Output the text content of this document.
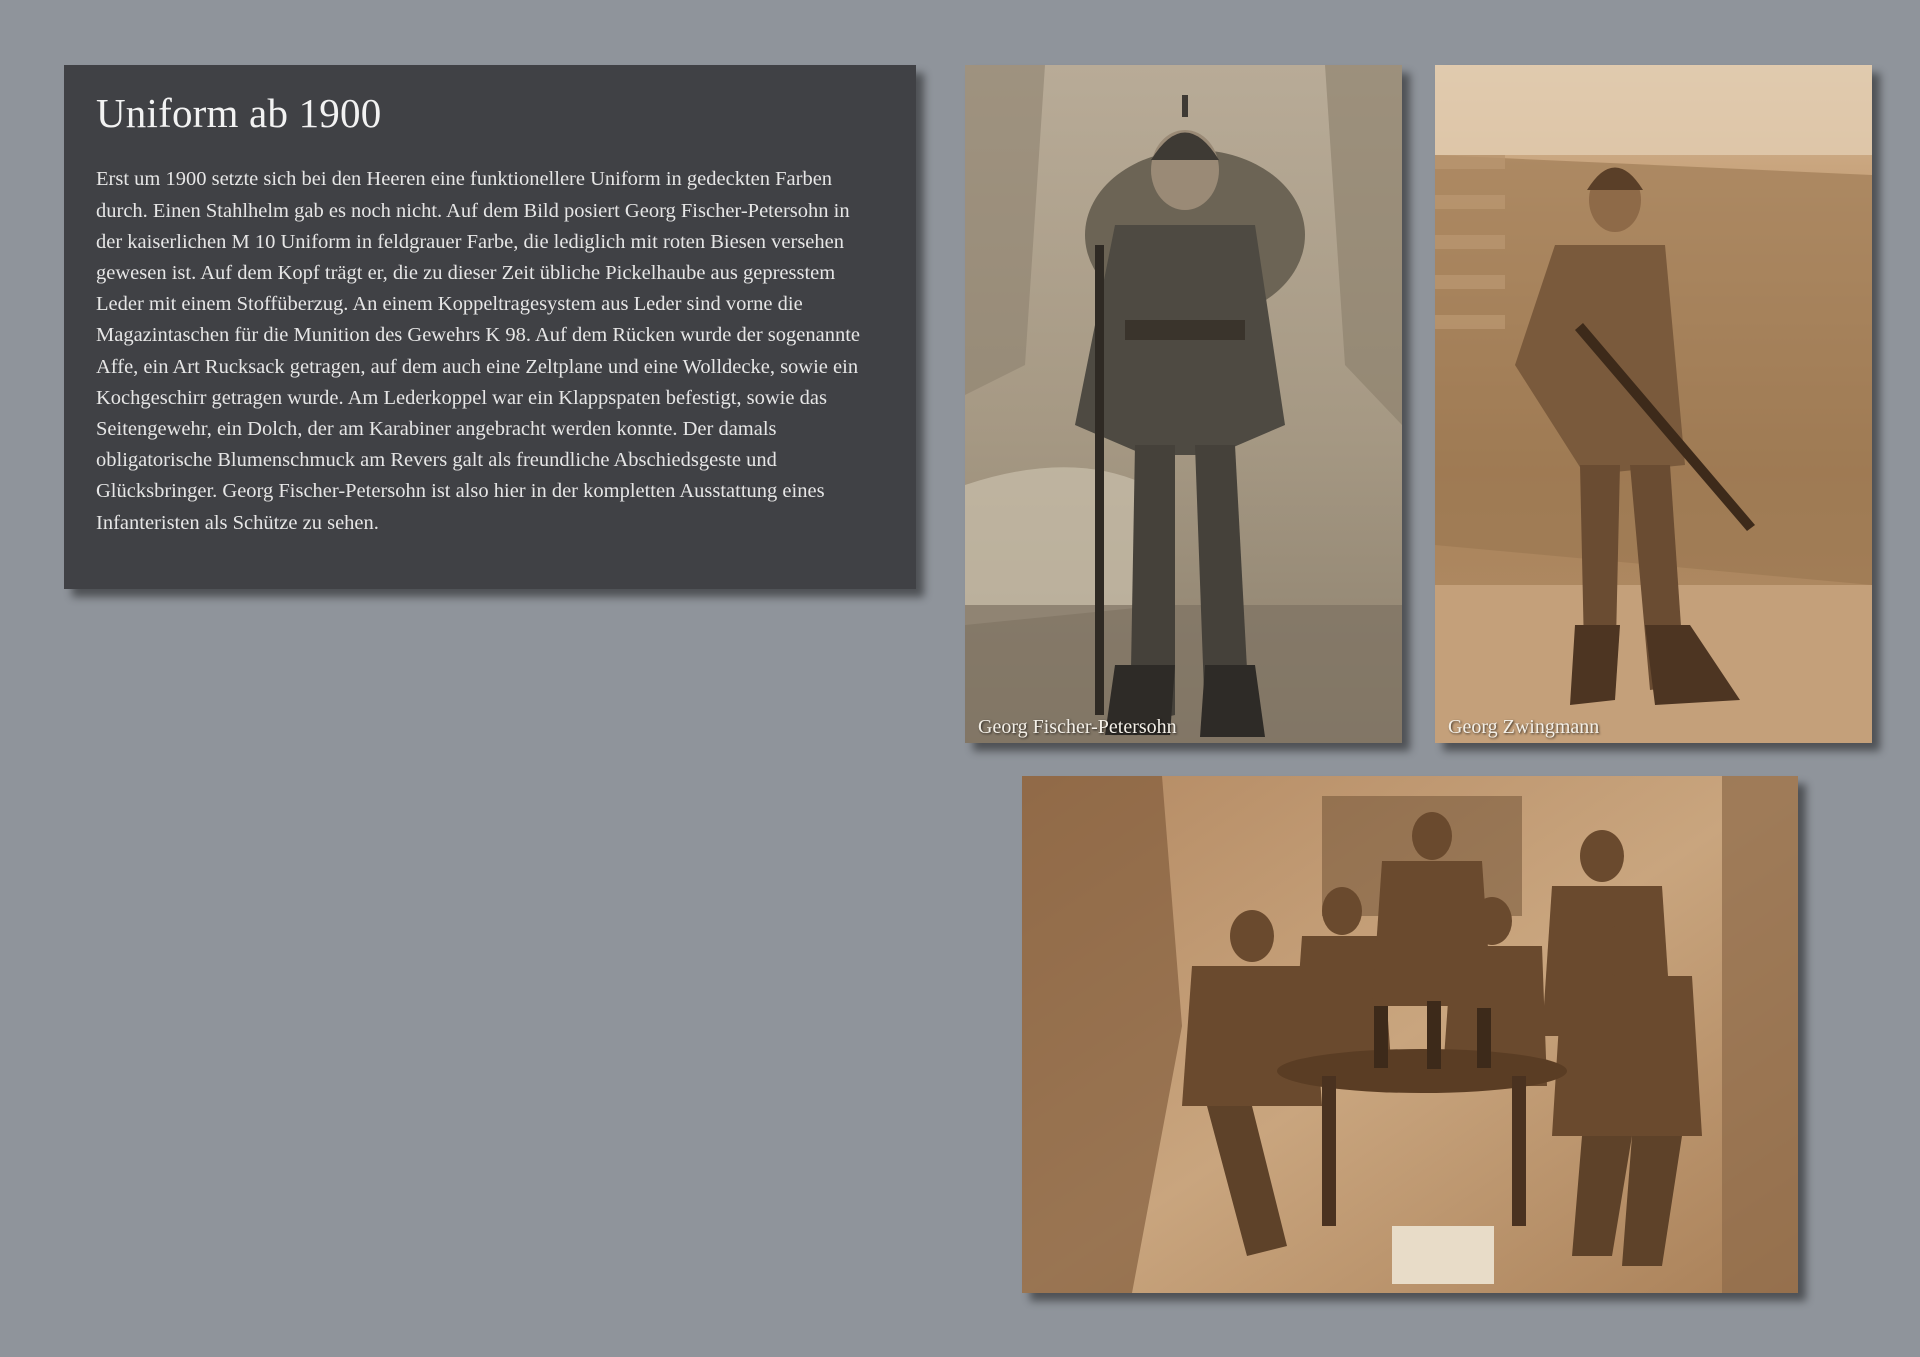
Uniform ab 1900

Erst um 1900 setzte sich bei den Heeren eine funktionellere Uniform in gedeckten Farben durch. Einen Stahlhelm gab es noch nicht. Auf dem Bild posiert Georg Fischer-Petersohn in der kaiserlichen M 10 Uniform in feldgrauer Farbe, die lediglich mit roten Biesen versehen gewesen ist. Auf dem Kopf trägt er, die zu dieser Zeit übliche Pickelhaube aus gepresstem Leder mit einem Stoffüberzug. An einem Koppeltragesystem aus Leder sind vorne die Magazintaschen für die Munition des Gewehrs K 98. Auf dem Rücken wurde der sogenannte Affe, ein Art Rucksack getragen, auf dem auch eine Zeltplane und eine Wolldecke, sowie ein Kochgeschirr getragen wurde. Am Lederkoppel war ein Klappspaten befestigt, sowie das Seitengewehr, ein Dolch, der am Karabiner angebracht werden konnte. Der damals obligatorische Blumenschmuck am Revers galt als freundliche Abschiedsgeste und Glücksbringer. Georg Fischer-Petersohn ist also hier in der kompletten Ausstattung eines Infanteristen als Schütze zu sehen.

Georg Fischer-Petersohn	Georg Zwingmann
